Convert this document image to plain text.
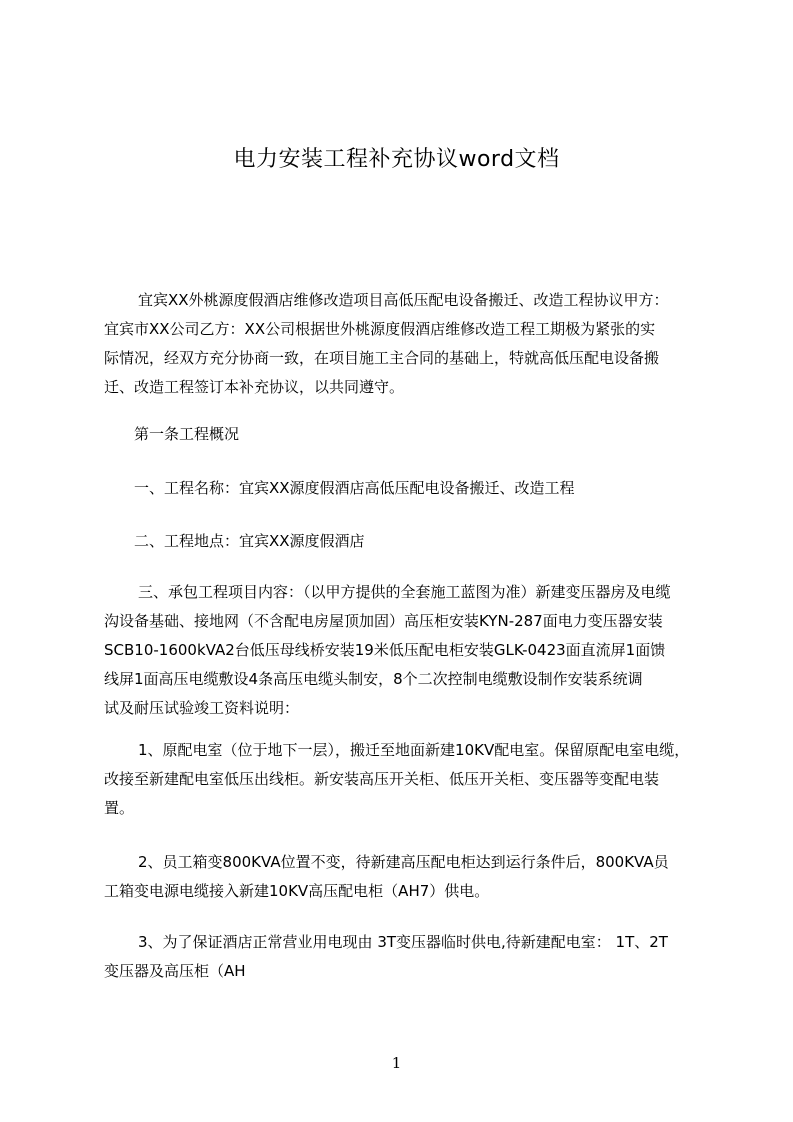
电力安装工程补充协议word文档
宜宾XX外桃源度假酒店维修改造项目高低压配电设备搬迁、改造工程协议甲方：
宜宾市XX公司乙方：XX公司根据世外桃源度假酒店维修改造工程工期极为紧张的实
际情况，经双方充分协商一致，在项目施工主合同的基础上，特就高低压配电设备搬
迁、改造工程签订本补充协议，以共同遵守。
第一条工程概况
一、工程名称：宜宾XX源度假酒店高低压配电设备搬迁、改造工程
二、工程地点：宜宾XX源度假酒店
三、承包工程项目内容：（以甲方提供的全套施工蓝图为准）新建变压器房及电缆
沟设备基础、接地网（不含配电房屋顶加固）高压柜安装KYN-287面电力变压器安装
SCB10-1600kVA2台低压母线桥安装19米低压配电柜安装GLK-0423面直流屏1面馈
线屏1面高压电缆敷设4条高压电缆头制安，8个二次控制电缆敷设制作安装系统调
试及耐压试验竣工资料说明：
1、原配电室（位于地下一层），搬迁至地面新建10KV配电室。保留原配电室电缆，
改接至新建配电室低压出线柜。新安装高压开关柜、低压开关柜、变压器等变配电装
置。
2、员工箱变800KVA位置不变，待新建高压配电柜达到运行条件后，800KVA员
工箱变电源电缆接入新建10KV高压配电柜（AH7）供电。
3、为了保证酒店正常营业用电现由 3T变压器临时供电,待新建配电室： 1T、2T
变压器及高压柜（AH
1
